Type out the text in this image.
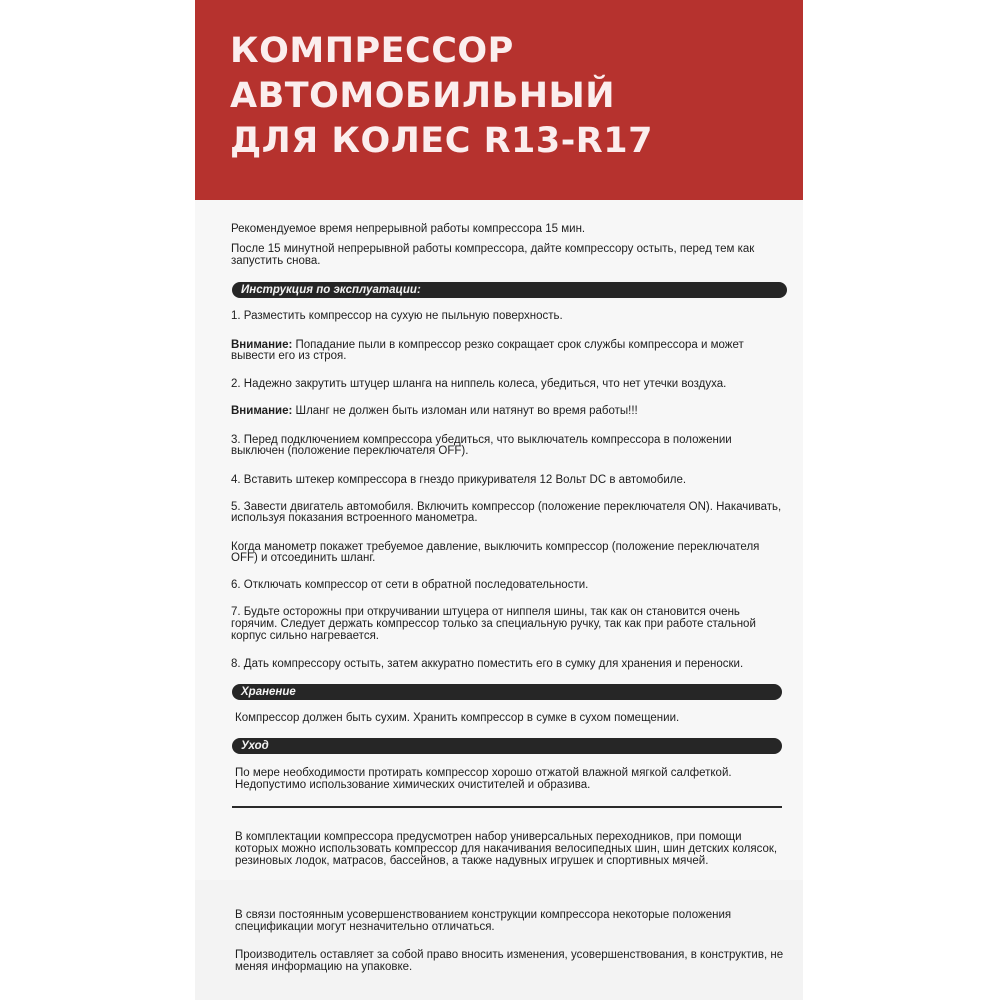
КОМПРЕССОР
АВТОМОБИЛЬНЫЙ
ДЛЯ КОЛЕС R13-R17
Рекомендуемое время непрерывной работы компрессора 15 мин.
После 15 минутной непрерывной работы компрессора, дайте компрессору остыть, перед тем как
запустить снова.
Инструкция по эксплуатации:
1. Разместить компрессор на сухую не пыльную поверхность.
Внимание: Попадание пыли в компрессор резко сокращает срок службы компрессора и может
вывести его из строя.
2. Надежно закрутить штуцер шланга на ниппель колеса, убедиться, что нет утечки воздуха.
Внимание: Шланг не должен быть изломан или натянут во время работы!!!
3. Перед подключением компрессора убедиться, что выключатель компрессора в положении
выключен (положение переключателя OFF).
4. Вставить штекер компрессора в гнездо прикуривателя 12 Вольт DC в автомобиле.
5. Завести двигатель автомобиля. Включить компрессор (положение переключателя ON). Накачивать,
используя показания встроенного манометра.
Когда манометр покажет требуемое давление, выключить компрессор (положение переключателя
OFF) и отсоединить шланг.
6. Отключать компрессор от сети в обратной последовательности.
7. Будьте осторожны при откручивании штуцера от ниппеля шины, так как он становится очень
горячим. Следует держать компрессор только за специальную ручку, так как при работе стальной
корпус сильно нагревается.
8. Дать компрессору остыть, затем аккуратно поместить его в сумку для хранения и переноски.
Хранение
Компрессор должен быть сухим. Хранить компрессор в сумке в сухом помещении.
Уход
По мере необходимости протирать компрессор хорошо отжатой влажной мягкой салфеткой.
Недопустимо использование химических очистителей и образива.
В комплектации компрессора предусмотрен набор универсальных переходников, при помощи
которых можно использовать компрессор для накачивания велосипедных шин, шин детских колясок,
резиновых лодок, матрасов, бассейнов, а также надувных игрушек и спортивных мячей.
В связи постоянным усовершенствованием конструкции компрессора некоторые положения
спецификации могут незначительно отличаться.
Производитель оставляет за собой право вносить изменения, усовершенствования, в конструктив, не
меняя информацию на упаковке.
